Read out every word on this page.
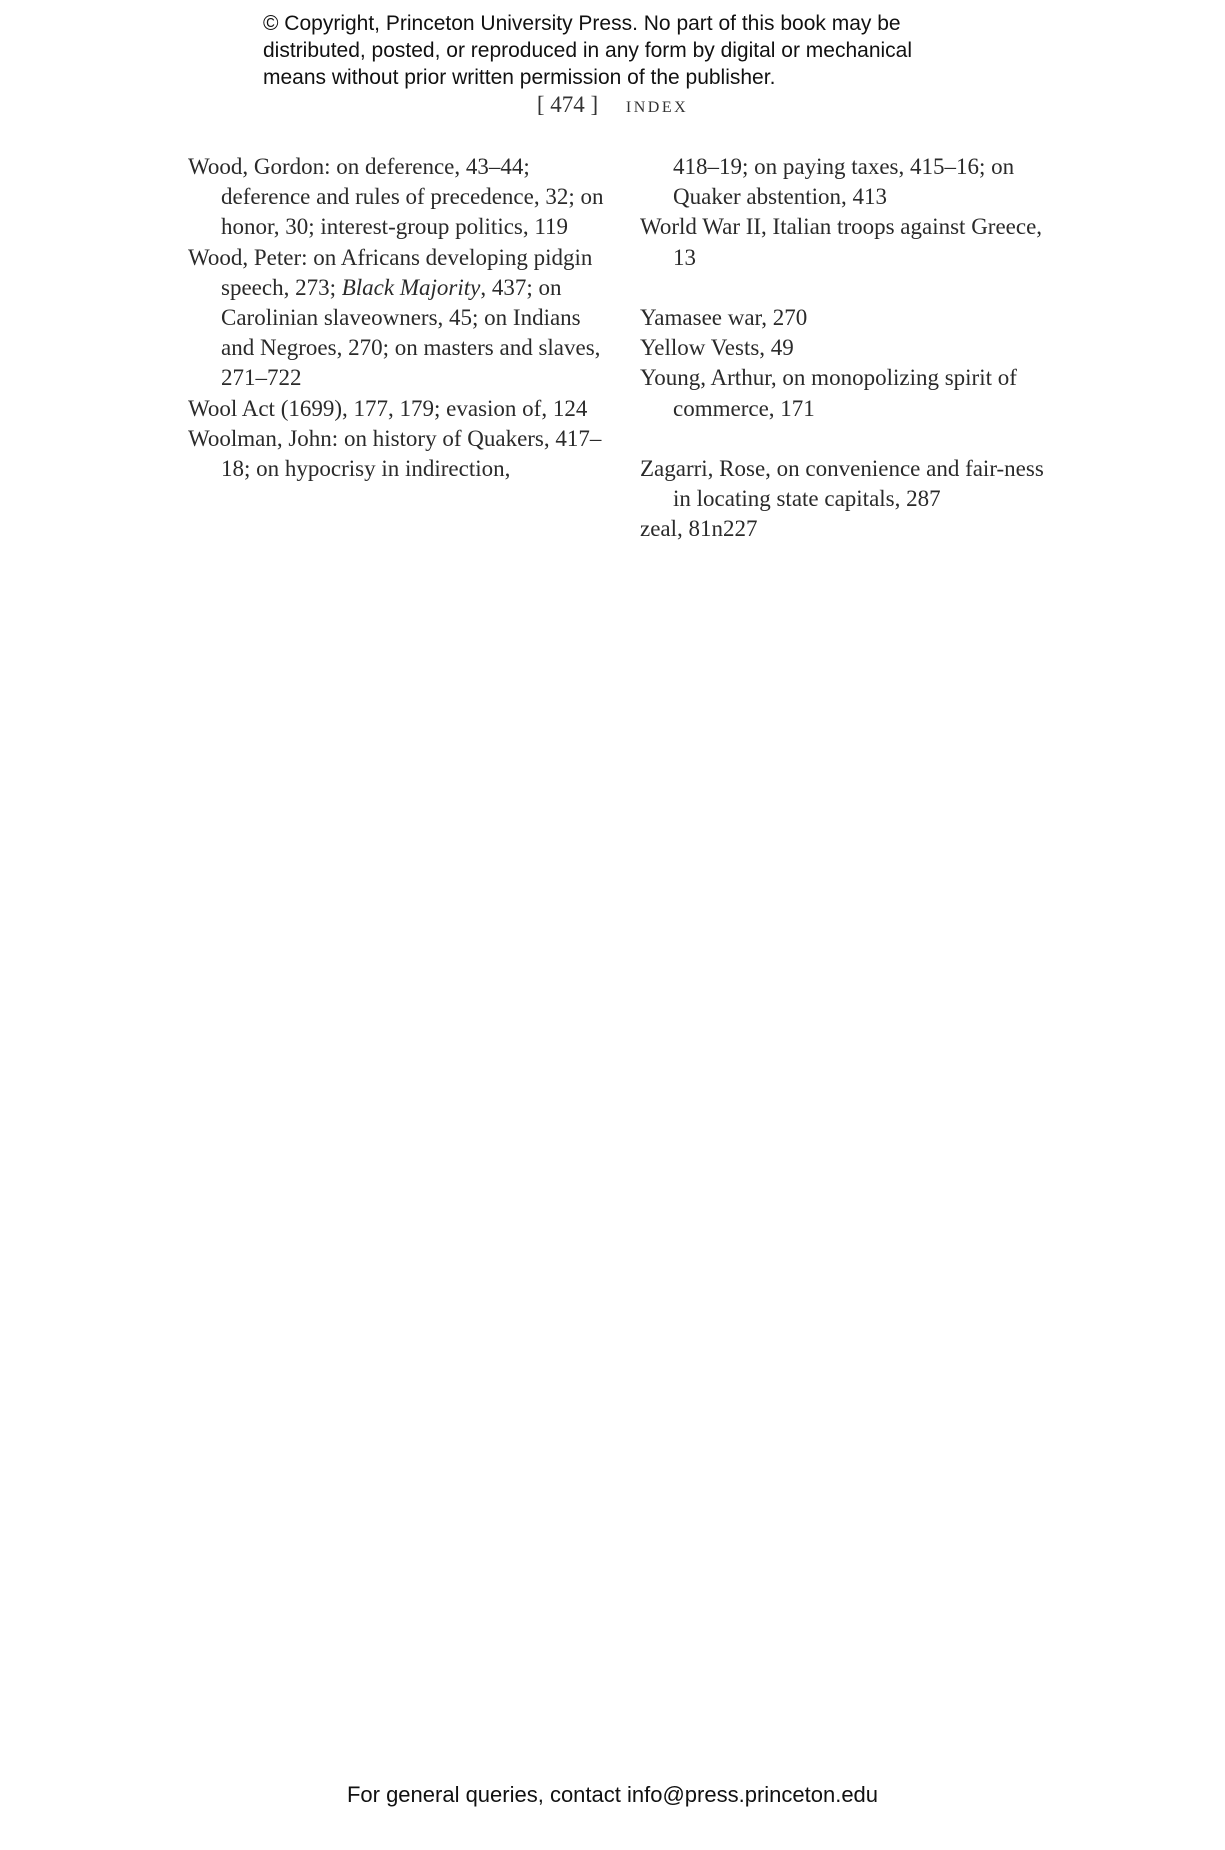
© Copyright, Princeton University Press. No part of this book may be
distributed, posted, or reproduced in any form by digital or mechanical
means without prior written permission of the publisher.
[ 474 ] index

Wood, Gordon: on deference, 43–44; deference and rules of precedence, 32; on honor, 30; interest-group politics, 119

Wood, Peter: on Africans developing pidgin speech, 273; Black Majority, 437; on Carolinian slaveowners, 45; on Indians and Negroes, 270; on masters and slaves, 271–722

Wool Act (1699), 177, 179; evasion of, 124

Woolman, John: on history of Quakers, 417–18; on hypocrisy in indirection,

418–19; on paying taxes, 415–16; on Quaker abstention, 413

World War II, Italian troops against Greece, 13

Yamasee war, 270

Yellow Vests, 49

Young, Arthur, on monopolizing spirit of commerce, 171

Zagarri, Rose, on convenience and fair-ness in locating state capitals, 287

zeal, 81n227

For general queries, contact info@press.princeton.edu
